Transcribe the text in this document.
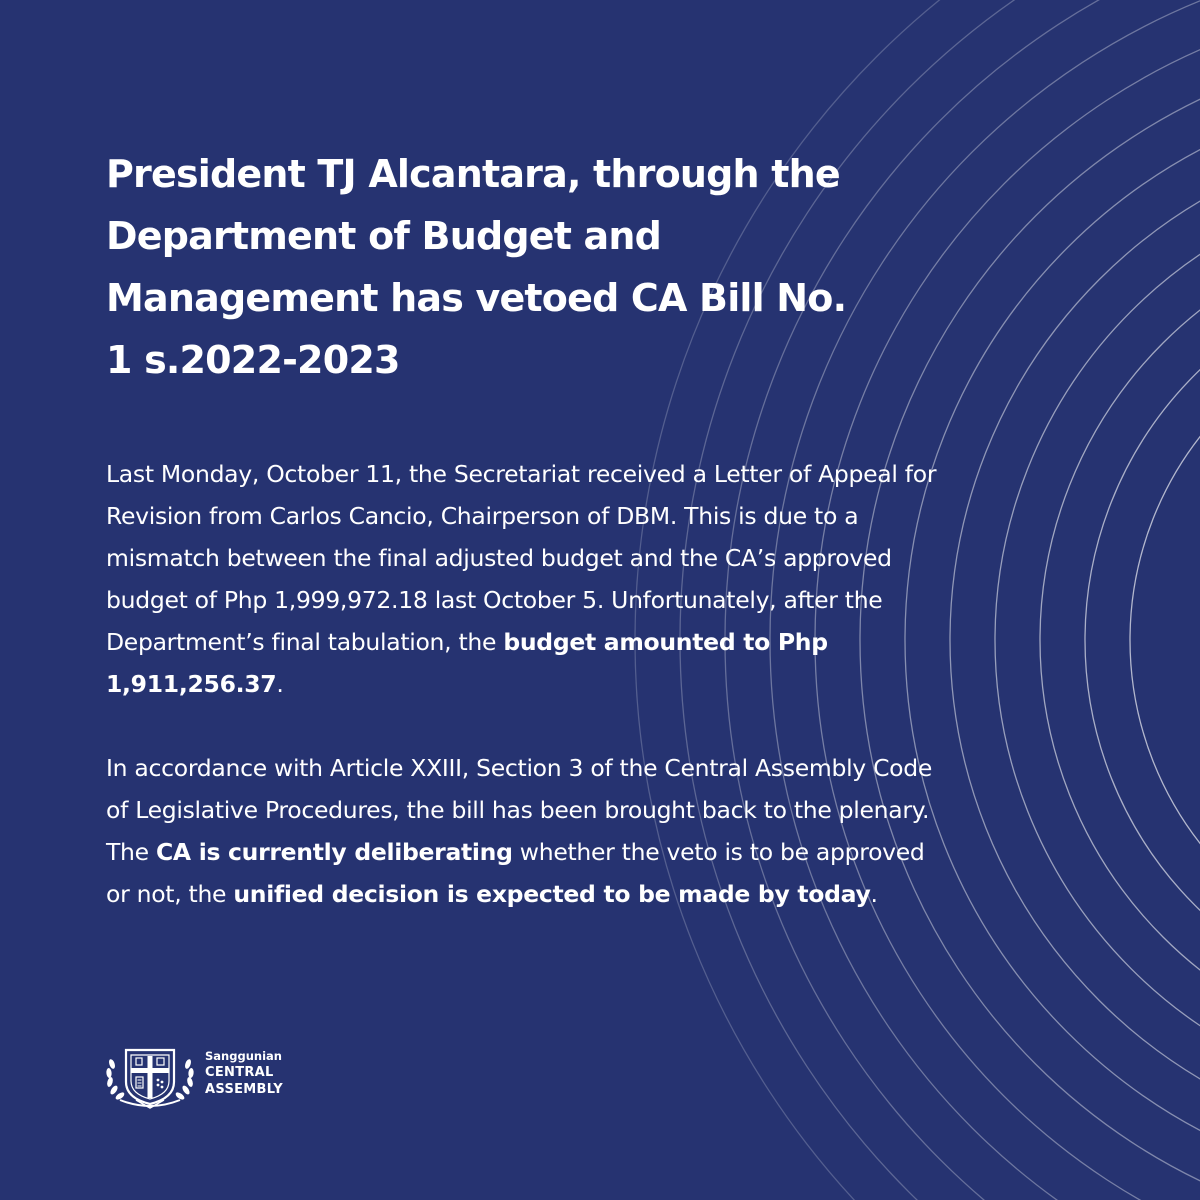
President TJ Alcantara, through the Department of Budget and Management has vetoed CA Bill No. 1 s.2022-2023

Last Monday, October 11, the Secretariat received a Letter of Appeal for Revision from Carlos Cancio, Chairperson of DBM. This is due to a mismatch between the final adjusted budget and the CA’s approved budget of Php 1,999,972.18 last October 5. Unfortunately, after the Department’s final tabulation, the budget amounted to Php 1,911,256.37.

In accordance with Article XXIII, Section 3 of the Central Assembly Code of Legislative Procedures, the bill has been brought back to the plenary. The CA is currently deliberating whether the veto is to be approved or not, the unified decision is expected to be made by today.

Sanggunian
CENTRAL
ASSEMBLY
